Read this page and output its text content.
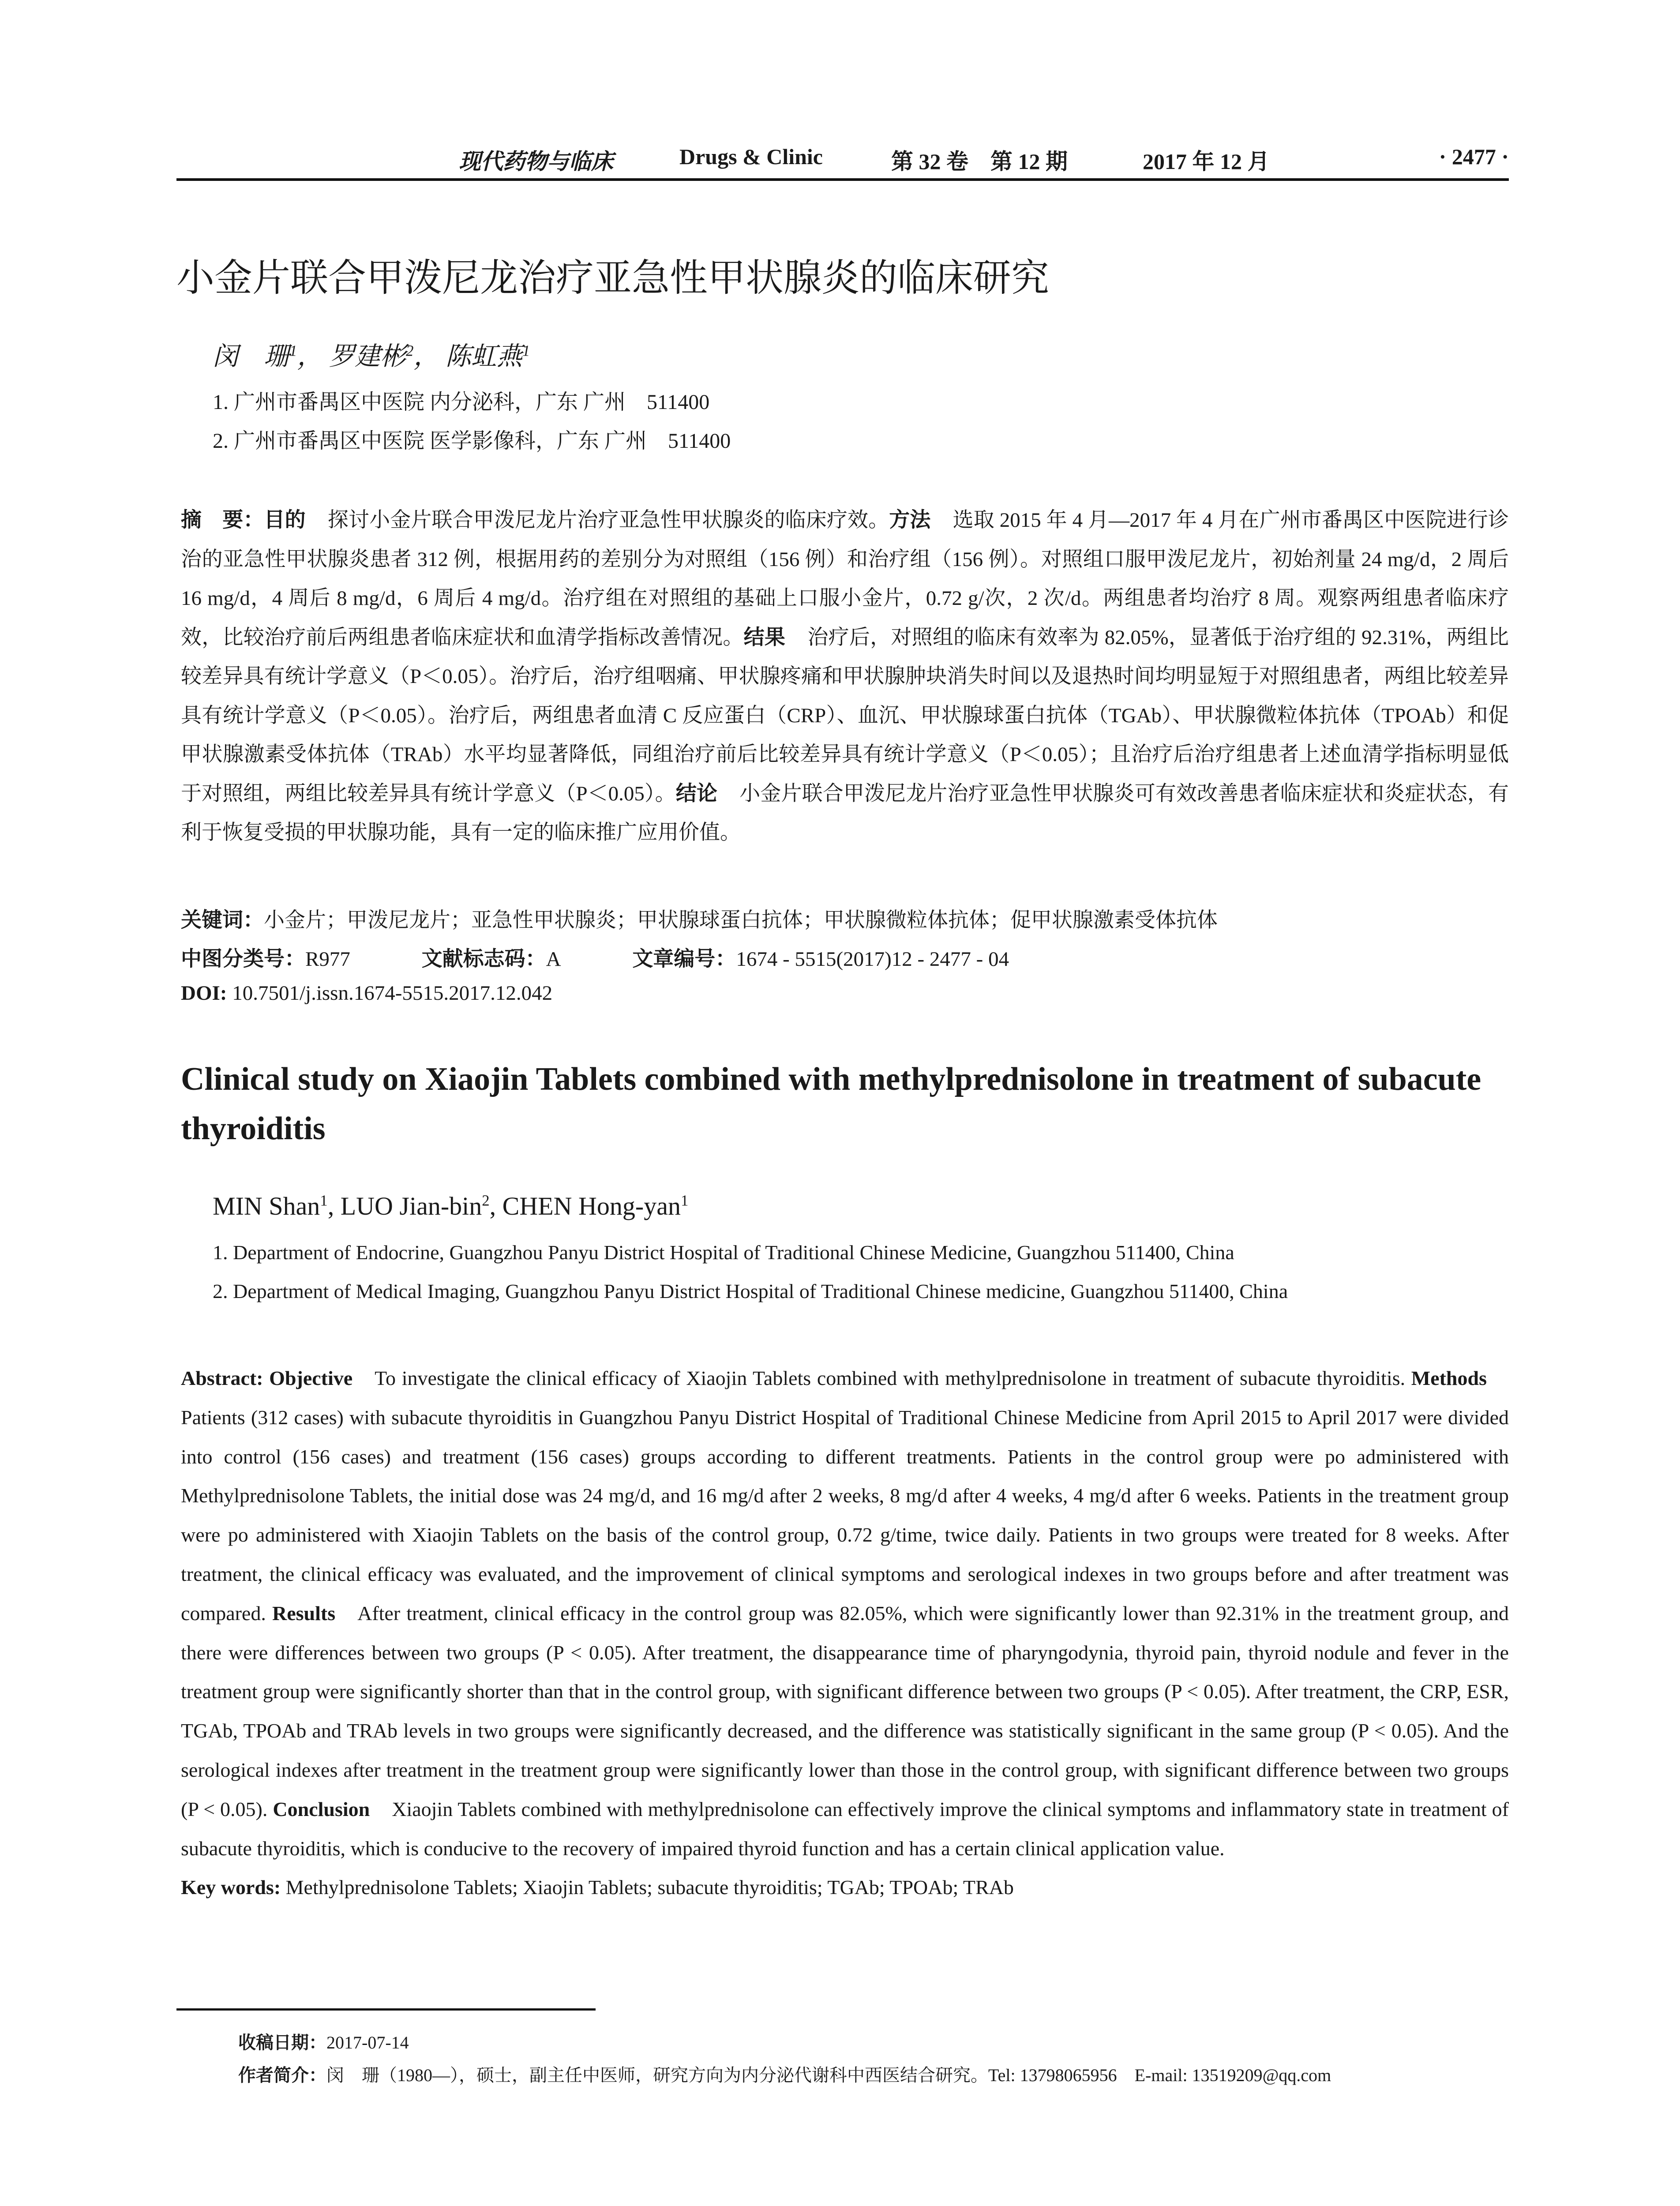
现代药物与临床	Drugs & Clinic	第 32 卷　第 12 期	2017 年 12 月	· 2477 ·
小金片联合甲泼尼龙治疗亚急性甲状腺炎的临床研究
闵　珊$^1$， 罗建彬$^2$， 陈虹燕$^1$
1. 广州市番禺区中医院 内分泌科，广东 广州　511400
2. 广州市番禺区中医院 医学影像科，广东 广州　511400
摘　要：目的 探讨小金片联合甲泼尼龙片治疗亚急性甲状腺炎的临床疗效。方法 选取 2015 年 4 月—2017 年 4 月在广州市番禺区中医院进行诊治的亚急性甲状腺炎患者 312 例，根据用药的差别分为对照组（156 例）和治疗组（156 例）。对照组口服甲泼尼龙片，初始剂量 24 mg/d，2 周后 16 mg/d，4 周后 8 mg/d，6 周后 4 mg/d。治疗组在对照组的基础上口服小金片，0.72 g/次，2 次/d。两组患者均治疗 8 周。观察两组患者临床疗效，比较治疗前后两组患者临床症状和血清学指标改善情况。结果 治疗后，对照组的临床有效率为 82.05%，显著低于治疗组的 92.31%，两组比较差异具有统计学意义（P＜0.05）。治疗后，治疗组咽痛、甲状腺疼痛和甲状腺肿块消失时间以及退热时间均明显短于对照组患者，两组比较差异具有统计学意义（P＜0.05）。治疗后，两组患者血清 C 反应蛋白（CRP）、血沉、甲状腺球蛋白抗体（TGAb）、甲状腺微粒体抗体（TPOAb）和促甲状腺激素受体抗体（TRAb）水平均显著降低，同组治疗前后比较差异具有统计学意义（P＜0.05）；且治疗后治疗组患者上述血清学指标明显低于对照组，两组比较差异具有统计学意义（P＜0.05）。结论 小金片联合甲泼尼龙片治疗亚急性甲状腺炎可有效改善患者临床症状和炎症状态，有利于恢复受损的甲状腺功能，具有一定的临床推广应用价值。
关键词：小金片；甲泼尼龙片；亚急性甲状腺炎；甲状腺球蛋白抗体；甲状腺微粒体抗体；促甲状腺激素受体抗体
中图分类号：R977	文献标志码：A	文章编号：1674 - 5515(2017)12 - 2477 - 04
DOI: 10.7501/j.issn.1674-5515.2017.12.042
Clinical study on Xiaojin Tablets combined with methylprednisolone in treatment of subacute thyroiditis
MIN Shan$^1$, LUO Jian-bin$^2$, CHEN Hong-yan$^1$
1. Department of Endocrine, Guangzhou Panyu District Hospital of Traditional Chinese Medicine, Guangzhou 511400, China
2. Department of Medical Imaging, Guangzhou Panyu District Hospital of Traditional Chinese medicine, Guangzhou 511400, China
Abstract: Objective To investigate the clinical efficacy of Xiaojin Tablets combined with methylprednisolone in treatment of subacute thyroiditis. MethodsPatients (312 cases) with subacute thyroiditis in Guangzhou Panyu District Hospital of Traditional Chinese Medicine from April 2015 to April 2017 were divided into control (156 cases) and treatment (156 cases) groups according to different treatments. Patients in the control group were po administered with Methylprednisolone Tablets, the initial dose was 24 mg/d, and 16 mg/d after 2 weeks, 8 mg/d after 4 weeks, 4 mg/d after 6 weeks. Patients in the treatment group were po administered with Xiaojin Tablets on the basis of the control group, 0.72 g/time, twice daily. Patients in two groups were treated for 8 weeks. After treatment, the clinical efficacy was evaluated, and the improvement of clinical symptoms and serological indexes in two groups before and after treatment was compared. Results After treatment, clinical efficacy in the control group was 82.05%, which were significantly lower than 92.31% in the treatment group, and there were differences between two groups (P < 0.05). After treatment, the disappearance time of pharyngodynia, thyroid pain, thyroid nodule and fever in the treatment group were significantly shorter than that in the control group, with significant difference between two groups (P < 0.05). After treatment, the CRP, ESR, TGAb, TPOAb and TRAb levels in two groups were significantly decreased, and the difference was statistically significant in the same group (P < 0.05). And the serological indexes after treatment in the treatment group were significantly lower than those in the control group, with significant difference between two groups (P < 0.05). Conclusion Xiaojin Tablets combined with methylprednisolone can effectively improve the clinical symptoms and inflammatory state in treatment of subacute thyroiditis, which is conducive to the recovery of impaired thyroid function and has a certain clinical application value.
Key words: Methylprednisolone Tablets; Xiaojin Tablets; subacute thyroiditis; TGAb; TPOAb; TRAb
收稿日期：2017-07-14
作者简介：闵　珊（1980—），硕士，副主任中医师，研究方向为内分泌代谢科中西医结合研究。Tel: 13798065956　E-mail: 13519209@qq.com
